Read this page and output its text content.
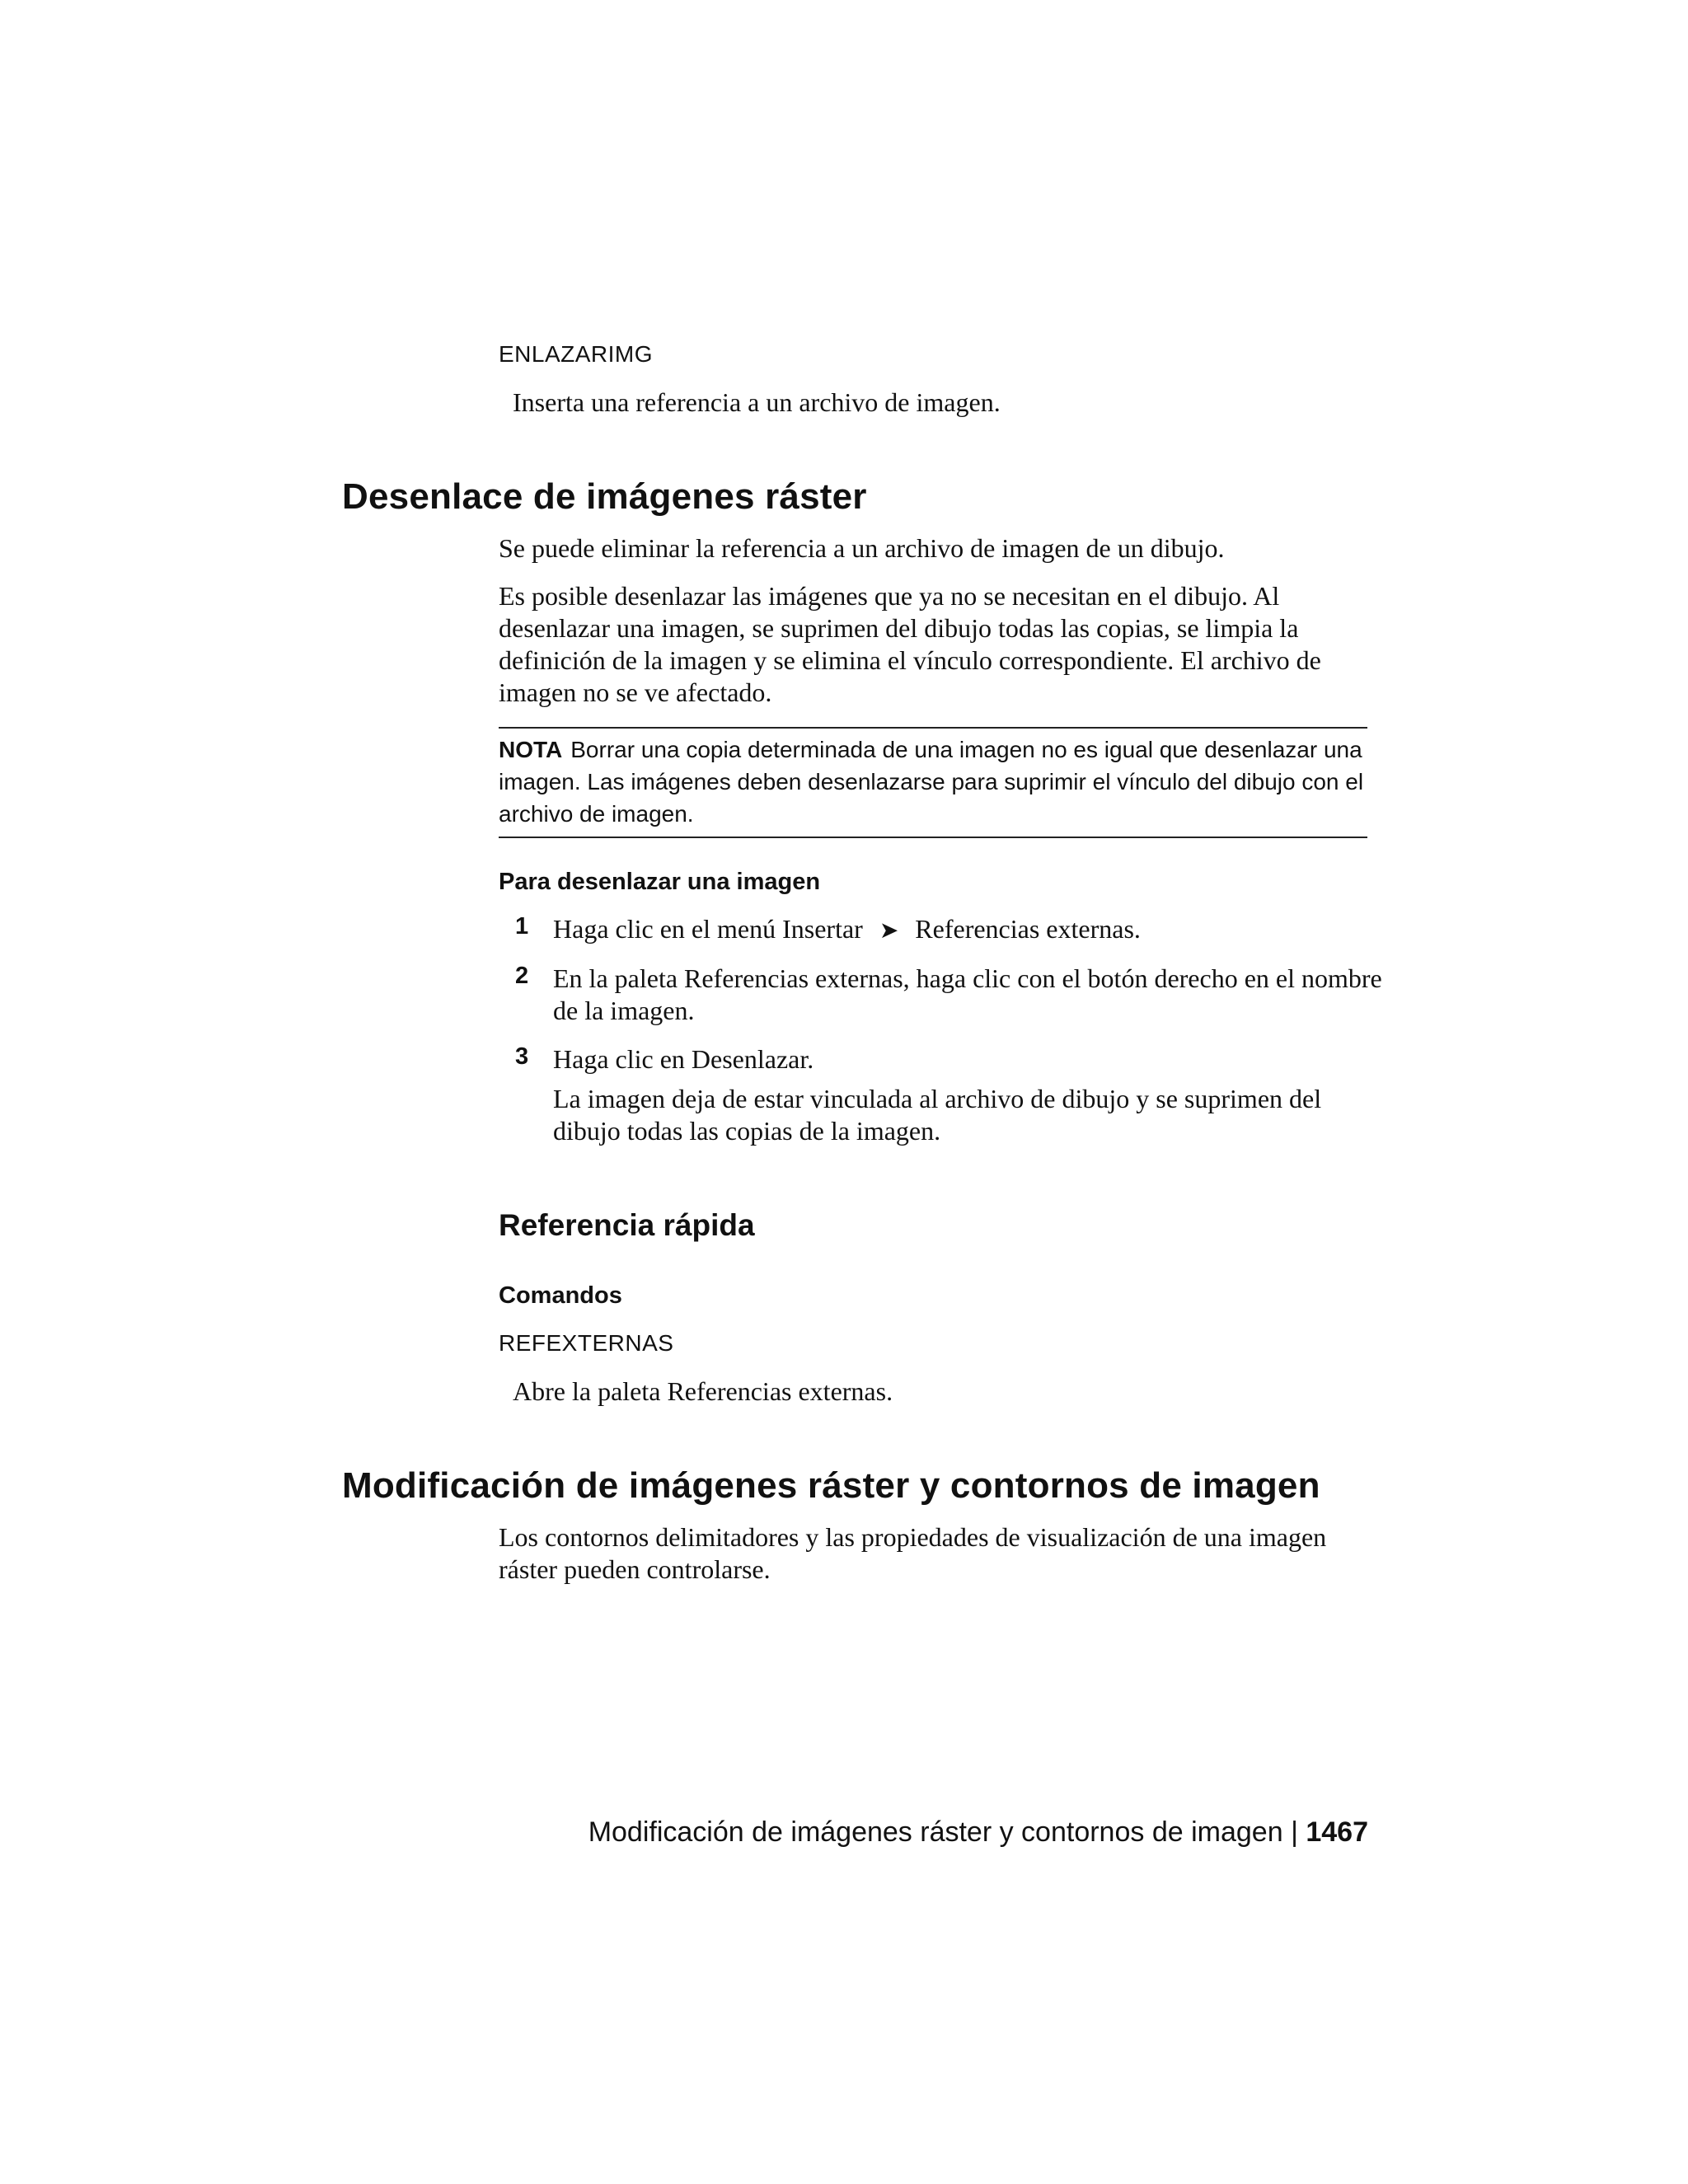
ENLAZARIMG
Inserta una referencia a un archivo de imagen.
Desenlace de imágenes ráster
Se puede eliminar la referencia a un archivo de imagen de un dibujo.
Es posible desenlazar las imágenes que ya no se necesitan en el dibujo. Al desenlazar una imagen, se suprimen del dibujo todas las copias, se limpia la definición de la imagen y se elimina el vínculo correspondiente. El archivo de imagen no se ve afectado.
NOTA Borrar una copia determinada de una imagen no es igual que desenlazar una imagen. Las imágenes deben desenlazarse para suprimir el vínculo del dibujo con el archivo de imagen.
Para desenlazar una imagen
1 Haga clic en el menú Insertar ➤ Referencias externas.
2 En la paleta Referencias externas, haga clic con el botón derecho en el nombre de la imagen.
3 Haga clic en Desenlazar.
La imagen deja de estar vinculada al archivo de dibujo y se suprimen del dibujo todas las copias de la imagen.
Referencia rápida
Comandos
REFEXTERNAS
Abre la paleta Referencias externas.
Modificación de imágenes ráster y contornos de imagen
Los contornos delimitadores y las propiedades de visualización de una imagen ráster pueden controlarse.
Modificación de imágenes ráster y contornos de imagen | 1467
